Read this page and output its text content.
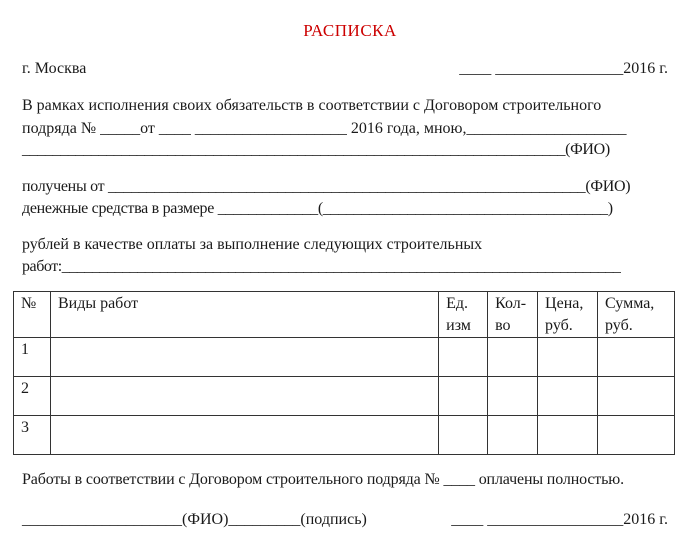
РАСПИСКА
г. Москва	____ ________________2016 г.
В рамках исполнения своих обязательств в соответствии с Договором строительного
подряда № _____от ____ ___________________ 2016 года, мною,____________________
_______________________________________________________________________(ФИО)
получены от ______________________________________________________________(ФИО)
денежные средства в размере _____________(_____________________________________)
рублей в качестве оплаты за выполнение следующих строительных
работ:__________________________________________________________________________
№	Виды работ	Ед. изм	Кол-во	Цена, руб.	Сумма, руб.
1					
2					
3					
Работы в соответствии с Договором строительного подряда № ____ оплачены полностью.
____________________(ФИО)_________(подпись)	____ _________________2016 г.
